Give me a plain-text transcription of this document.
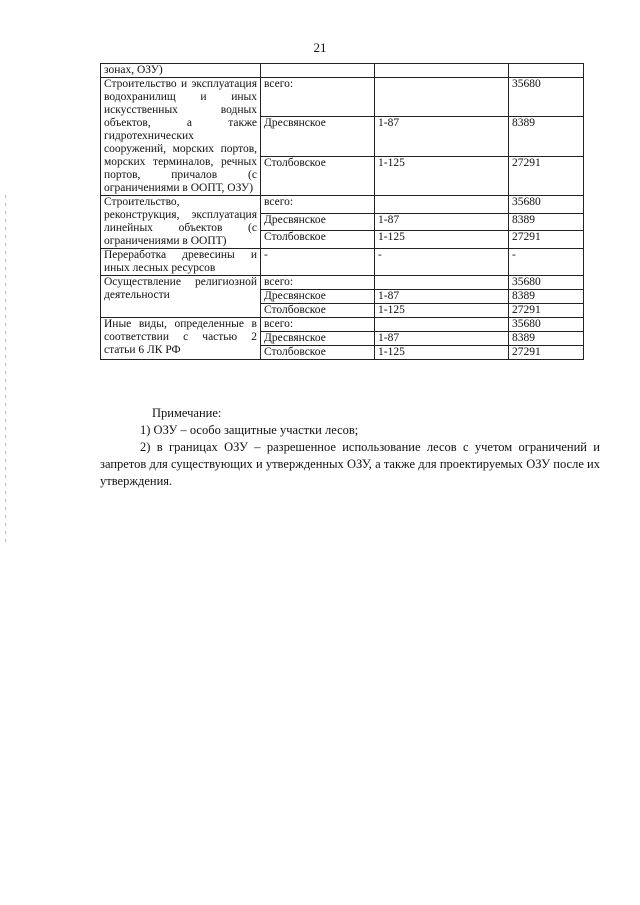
21
зонах, ОЗУ)			
Строительство и эксплуатация водохранилищ и иных искусственных водных объектов, а также гидротехнических сооружений, морских портов, морских терминалов, речных портов, причалов (с ограничениями в ООПТ, ОЗУ)	всего:		35680
	Дресвянское	1-87	8389
	Столбовское	1-125	27291
Строительство, реконструкция, эксплуатация линейных объектов (с ограничениями в ООПТ)	всего:		35680
	Дресвянское	1-87	8389
	Столбовское	1-125	27291
Переработка древесины и иных лесных ресурсов	-	-	-
Осуществление религиозной деятельности	всего:		35680
	Дресвянское	1-87	8389
	Столбовское	1-125	27291
Иные виды, определенные в соответствии с частью 2 статьи 6 ЛК РФ	всего:		35680
	Дресвянское	1-87	8389
	Столбовское	1-125	27291

Примечание:

1) ОЗУ – особо защитные участки лесов;

2) в границах ОЗУ – разрешенное использование лесов с учетом ограничений и запретов для существующих и утвержденных ОЗУ, а также для проектируемых ОЗУ после их утверждения.
